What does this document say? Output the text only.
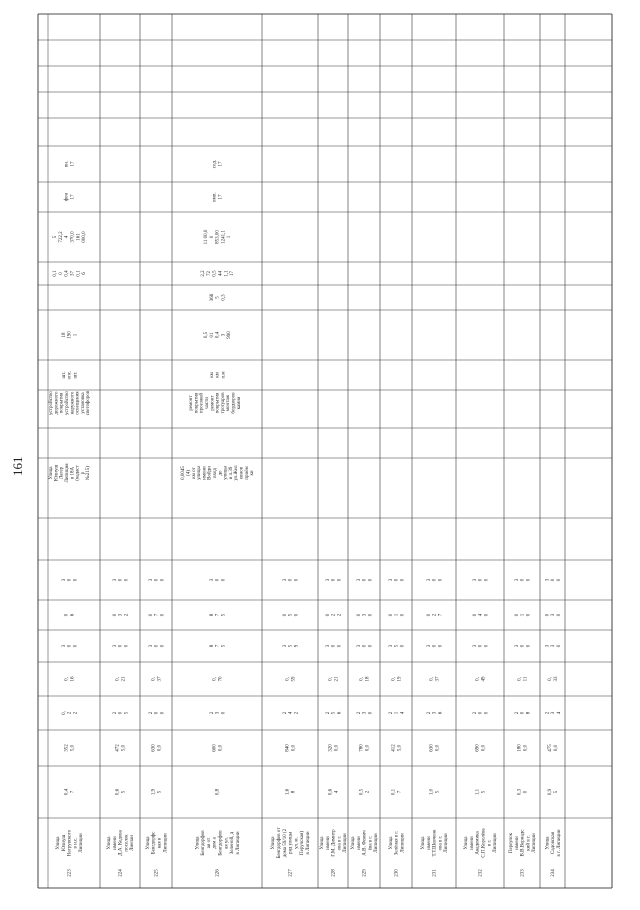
161
223
УлицаЮлиушНагрувскогов н.с.Липиции
0,47
3525,0
0,22
0,16
300
06
300
УлицаЮлиушЛагерЛипицияв 18А(кадастр№215)
устройстводорожногопокрытияустройствонаружногоосвещенияустановкасветофоров
шт.опс.шт.
181901
0,100,4370,16
5722,24370,0161000,0
фон17
вн.17
224
УлицаимениД.А. КедовапоселокЛиепаи
0,65
4725,0
205
0,21
300
032
300
225
УлицаБенгдорфская вЛипиции
1,95
6300,0
200
0,37
300
070
300
226
УлицаБенгдорфовая отдом аБенгдорфовая ул.Зеленой, дв Липиции
0,8
6000,0
230
0,70
875
875
300
0,0045(4)км отулицыимениВойдивходдоулицыи л.39ул.Желевновприёмки
ремонтпокрытияпроезжейчастиремонтпокрытиятротуаровмонтажбордюровкамня
кмкмп.м
0,5010,43990
36650,3
2,2720,5441,117
11 00,00853,001241,11
вмп.17
сод.17
227
УлицаБенгдорфов отдома 59/10 (2ряд улицыул. м.Перучская)в Липиции
1,68
8400,0
242
0,59
359
050
300
228
УлицаимениГ.М. Димитрова в г.Липиции
0,64
3200,0
256
0,21
300
022
300
229
УлицаимениА.В. Фомичёва в г.Липиции
0,52
7800,0
230
0,18
300
030
300
230
УлицаЗелёная в г.Липиции
0,17
4125,0
214
0,19
350
010
300
231
УлицаимениТ.Т.Шевченкова в г.Липиции
1,05
6300,0
236
0,37
300
027
300
232
УлицаимениАкадемикаС.П.Королёвав г.Липиции
1,15
6900,0
200
0,49
300
040
300
233
ПереулокимениВ.В.Вернадский в г.Липиции
0,30
1800,0
208
0,11
300
010
300
234
УлицаСадовскаяв г. Липиции
0,95
4750,0
234
0,33
330
030
300
